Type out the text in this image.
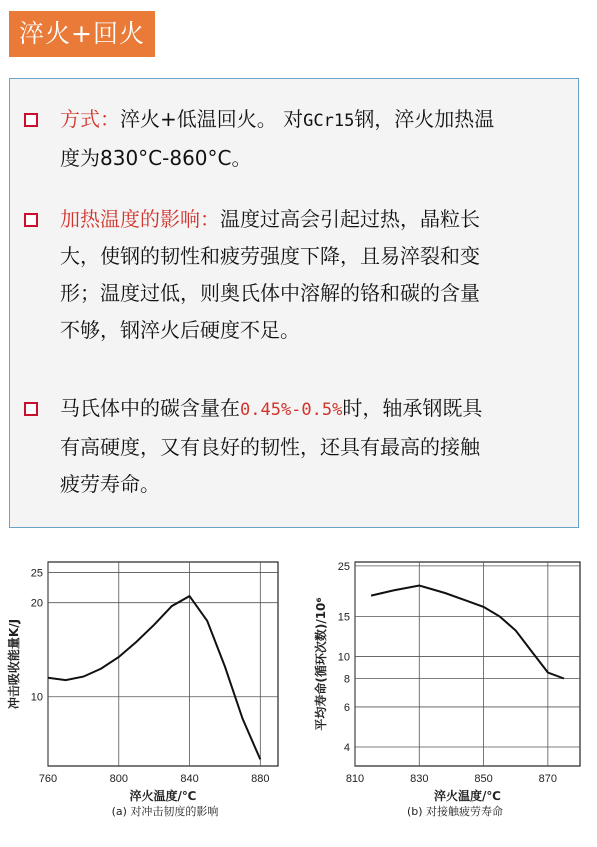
淬火+回火
方式：淬火+低温回火。 对GCr15钢，淬火加热温
度为830°C-860°C。
加热温度的影响：温度过高会引起过热，晶粒长
大，使钢的韧性和疲劳强度下降，且易淬裂和变
形；温度过低，则奥氏体中溶解的铬和碳的含量
不够，钢淬火后硬度不足。
马氏体中的碳含量在0.45%-0.5%时，轴承钢既具
有高硬度，又有良好的韧性，还具有最高的接触
疲劳寿命。
760	800	840	880
10
20
25
淬火温度/℃
冲击吸收能量K/J
(a) 对冲击韧度的影响
810	830	850	870
4
6
8
10
15
25
淬火温度/℃
平均寿命(循环次数)/10⁶
(b) 对接触疲劳寿命
